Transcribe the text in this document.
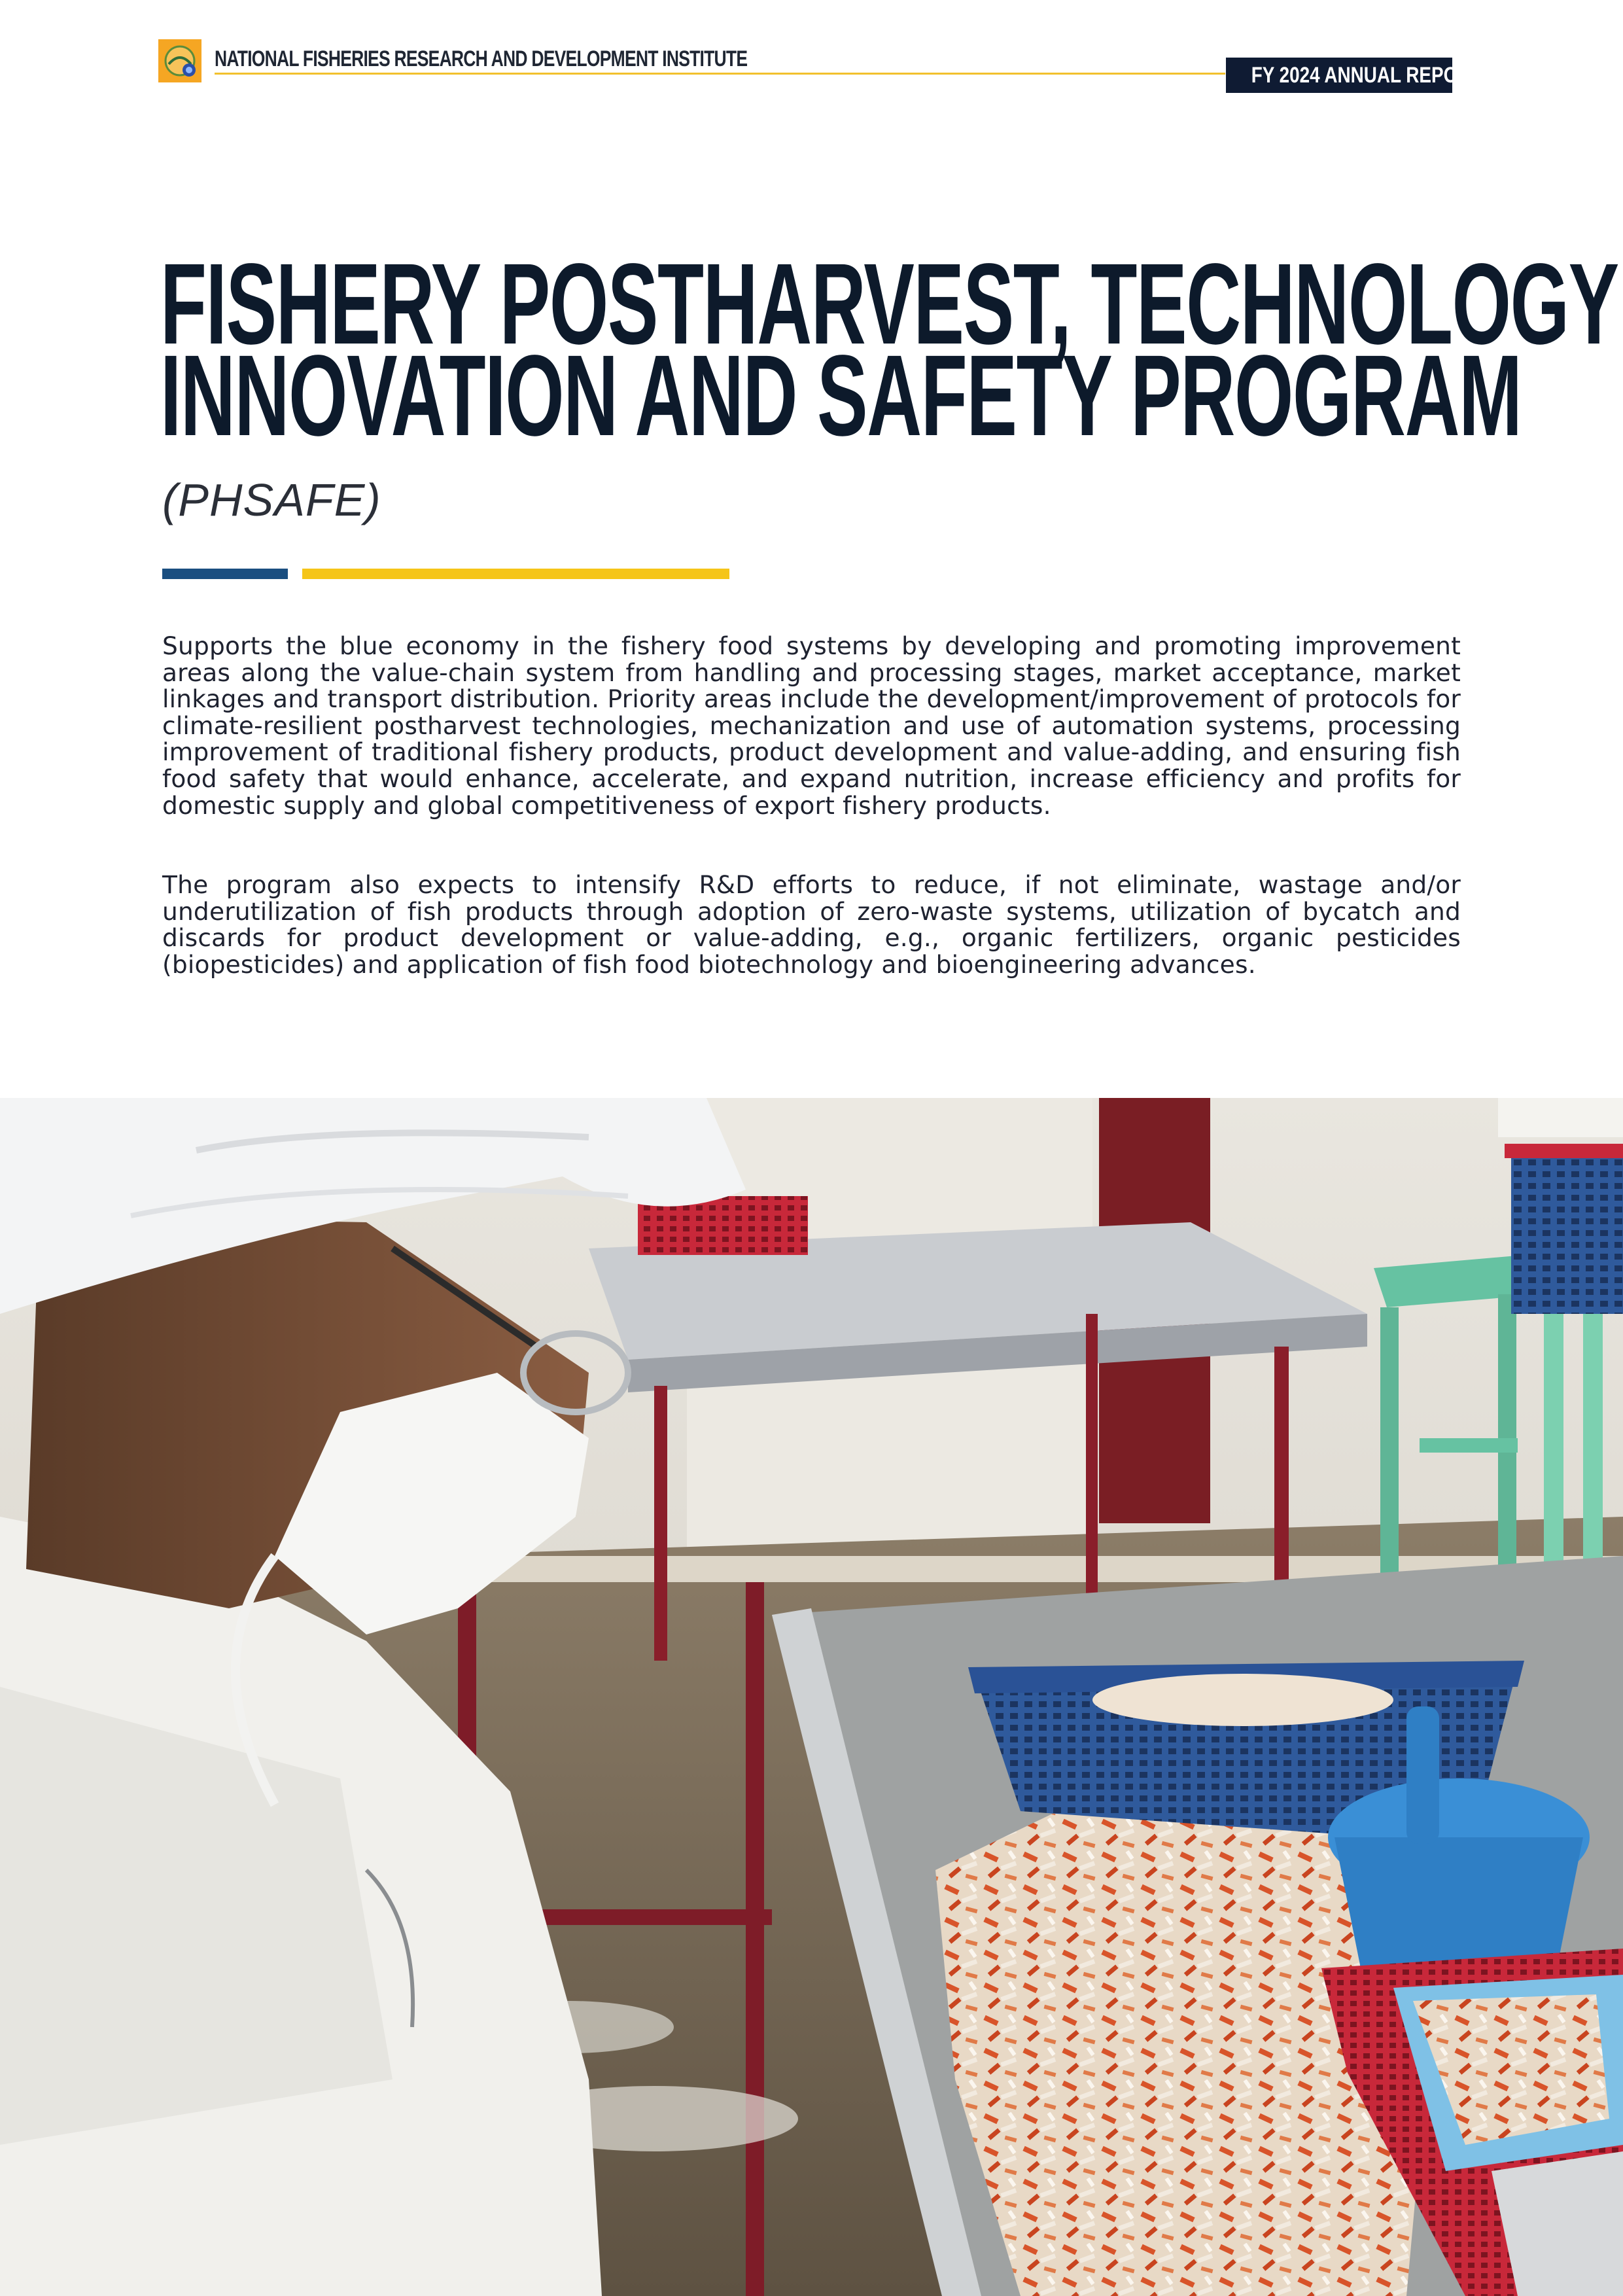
NATIONAL FISHERIES RESEARCH AND DEVELOPMENT INSTITUTE
FY 2024 ANNUAL REPORT
FISHERY POSTHARVEST, TECHNOLOGY
INNOVATION AND SAFETY PROGRAM
(PHSAFE)

Supports the blue economy in the fishery food systems by developing and promoting improvement areas along the value-chain system from handling and processing stages, market acceptance, market linkages and transport distribution. Priority areas include the development/improvement of protocols for climate-resilient postharvest technologies, mechanization and use of automation systems, processing improvement of traditional fishery products, product development and value-adding, and ensuring fish food safety that would enhance, accelerate, and expand nutrition, increase efficiency and profits for domestic supply and global competitiveness of export fishery products.

The program also expects to intensify R&D efforts to reduce, if not eliminate, wastage and/or underutilization of fish products through adoption of zero-waste systems, utilization of bycatch and discards for product development or value-adding, e.g., organic fertilizers, organic pesticides (biopesticides) and application of fish food biotechnology and bioengineering advances.
